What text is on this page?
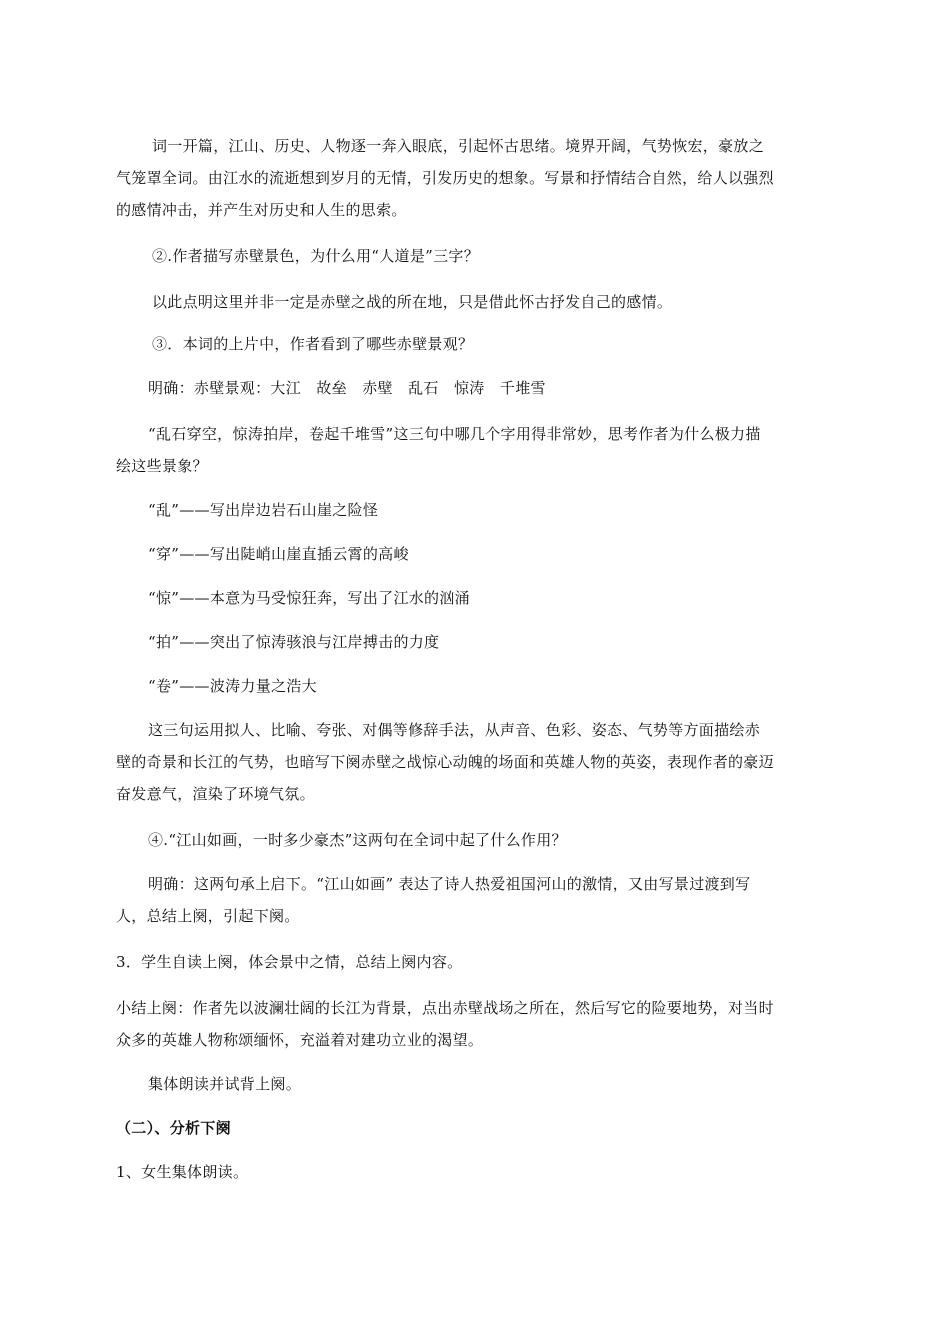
词一开篇，江山、历史、人物逐一奔入眼底，引起怀古思绪。境界开阔，气势恢宏，豪放之
气笼罩全词。由江水的流逝想到岁月的无情，引发历史的想象。写景和抒情结合自然，给人以强烈
的感情冲击，并产生对历史和人生的思索。
②.作者描写赤壁景色，为什么用“人道是”三字？
以此点明这里并非一定是赤壁之战的所在地，只是借此怀古抒发自己的感情。
③．本词的上片中，作者看到了哪些赤壁景观？
明确：赤壁景观：大江　故垒　赤壁　乱石　惊涛　千堆雪
“乱石穿空，惊涛拍岸，卷起千堆雪”这三句中哪几个字用得非常妙，思考作者为什么极力描
绘这些景象？
“乱”——写出岸边岩石山崖之险怪
“穿”——写出陡峭山崖直插云霄的高峻
“惊”——本意为马受惊狂奔，写出了江水的汹涌
“拍”——突出了惊涛骇浪与江岸搏击的力度
“卷”——波涛力量之浩大
这三句运用拟人、比喻、夸张、对偶等修辞手法，从声音、色彩、姿态、气势等方面描绘赤
壁的奇景和长江的气势，也暗写下阕赤壁之战惊心动魄的场面和英雄人物的英姿，表现作者的豪迈
奋发意气，渲染了环境气氛。
④.“江山如画，一时多少豪杰”这两句在全词中起了什么作用？
明确：这两句承上启下。“江山如画” 表达了诗人热爱祖国河山的激情，又由写景过渡到写
人，总结上阕，引起下阕。
3．学生自读上阕，体会景中之情，总结上阕内容。
小结上阕：作者先以波澜壮阔的长江为背景，点出赤壁战场之所在，然后写它的险要地势，对当时
众多的英雄人物称颂缅怀，充溢着对建功立业的渴望。
集体朗读并试背上阕。
（二）、分析下阕
1、女生集体朗读。
